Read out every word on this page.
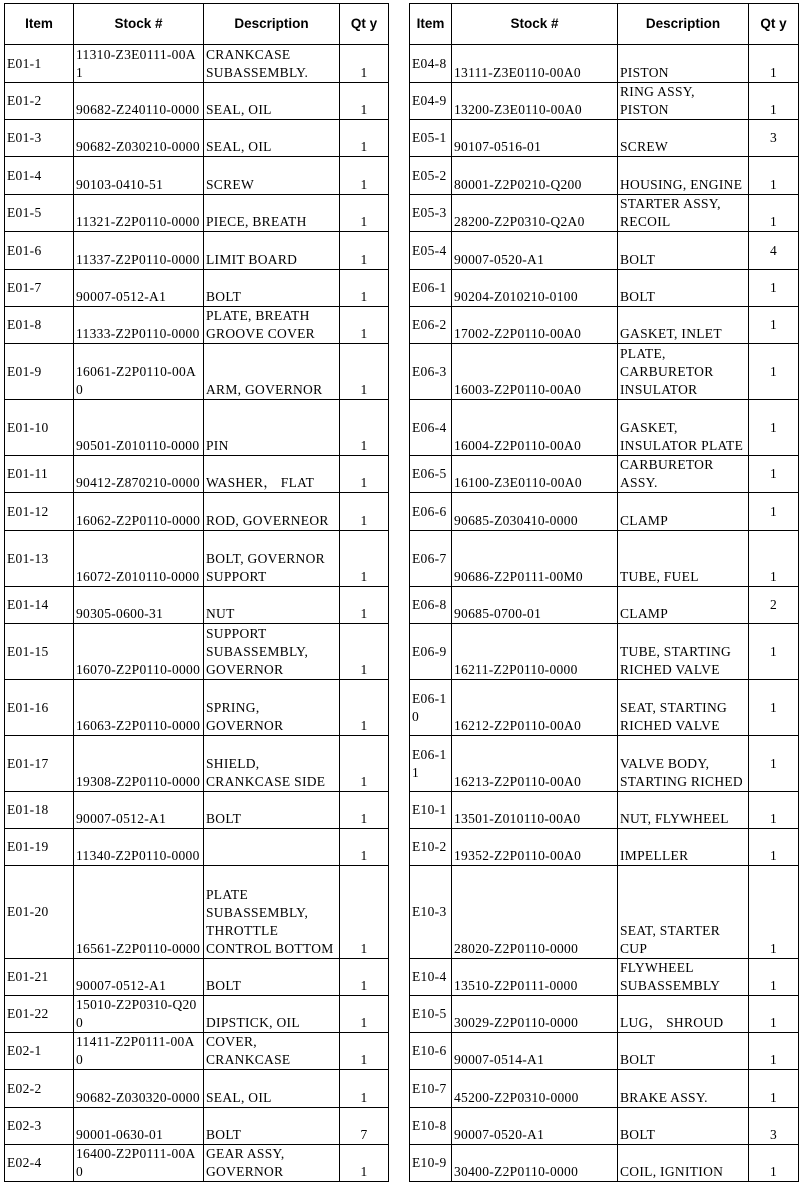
Item	Stock #	Description	Qt y
E01-1	11310-Z3E0111-00A1	CRANKCASE SUBASSEMBLY.	1
E01-2	90682-Z240110-0000	SEAL, OIL	1
E01-3	90682-Z030210-0000	SEAL, OIL	1
E01-4	90103-0410-51	SCREW	1
E01-5	11321-Z2P0110-0000	PIECE, BREATH	1
E01-6	11337-Z2P0110-0000	LIMIT BOARD	1
E01-7	90007-0512-A1	BOLT	1
E01-8	11333-Z2P0110-0000	PLATE, BREATH GROOVE COVER	1
E01-9	16061-Z2P0110-00A0	ARM, GOVERNOR	1
E01-10	90501-Z010110-0000	PIN	1
E01-11	90412-Z870210-0000	WASHER， FLAT	1
E01-12	16062-Z2P0110-0000	ROD, GOVERNEOR	1
E01-13	16072-Z010110-0000	BOLT, GOVERNOR SUPPORT	1
E01-14	90305-0600-31	NUT	1
E01-15	16070-Z2P0110-0000	SUPPORT SUBASSEMBLY, GOVERNOR	1
E01-16	16063-Z2P0110-0000	SPRING, GOVERNOR	1
E01-17	19308-Z2P0110-0000	SHIELD, CRANKCASE SIDE	1
E01-18	90007-0512-A1	BOLT	1
E01-19	11340-Z2P0110-0000		1
E01-20	16561-Z2P0110-0000	PLATE SUBASSEMBLY, THROTTLE CONTROL BOTTOM	1
E01-21	90007-0512-A1	BOLT	1
E01-22	15010-Z2P0310-Q200	DIPSTICK, OIL	1
E02-1	11411-Z2P0111-00A0	COVER, CRANKCASE	1
E02-2	90682-Z030320-0000	SEAL, OIL	1
E02-3	90001-0630-01	BOLT	7
E02-4	16400-Z2P0111-00A0	GEAR ASSY, GOVERNOR	1
Item	Stock #	Description	Qt y
E04-8	13111-Z3E0110-00A0	PISTON	1
E04-9	13200-Z3E0110-00A0	RING ASSY, PISTON	1
E05-1	90107-0516-01	SCREW	3
E05-2	80001-Z2P0210-Q200	HOUSING, ENGINE	1
E05-3	28200-Z2P0310-Q2A0	STARTER ASSY, RECOIL	1
E05-4	90007-0520-A1	BOLT	4
E06-1	90204-Z010210-0100	BOLT	1
E06-2	17002-Z2P0110-00A0	GASKET, INLET	1
E06-3	16003-Z2P0110-00A0	PLATE, CARBURETOR INSULATOR	1
E06-4	16004-Z2P0110-00A0	GASKET, INSULATOR PLATE	1
E06-5	16100-Z3E0110-00A0	CARBURETOR ASSY.	1
E06-6	90685-Z030410-0000	CLAMP	1
E06-7	90686-Z2P0111-00M0	TUBE, FUEL	1
E06-8	90685-0700-01	CLAMP	2
E06-9	16211-Z2P0110-0000	TUBE, STARTING RICHED VALVE	1
E06-10	16212-Z2P0110-00A0	SEAT, STARTING RICHED VALVE	1
E06-11	16213-Z2P0110-00A0	VALVE BODY, STARTING RICHED	1
E10-1	13501-Z010110-00A0	NUT, FLYWHEEL	1
E10-2	19352-Z2P0110-00A0	IMPELLER	1
E10-3	28020-Z2P0110-0000	SEAT, STARTER CUP	1
E10-4	13510-Z2P0111-0000	FLYWHEEL SUBASSEMBLY	1
E10-5	30029-Z2P0110-0000	LUG， SHROUD	1
E10-6	90007-0514-A1	BOLT	1
E10-7	45200-Z2P0310-0000	BRAKE ASSY.	1
E10-8	90007-0520-A1	BOLT	3
E10-9	30400-Z2P0110-0000	COIL, IGNITION	1
